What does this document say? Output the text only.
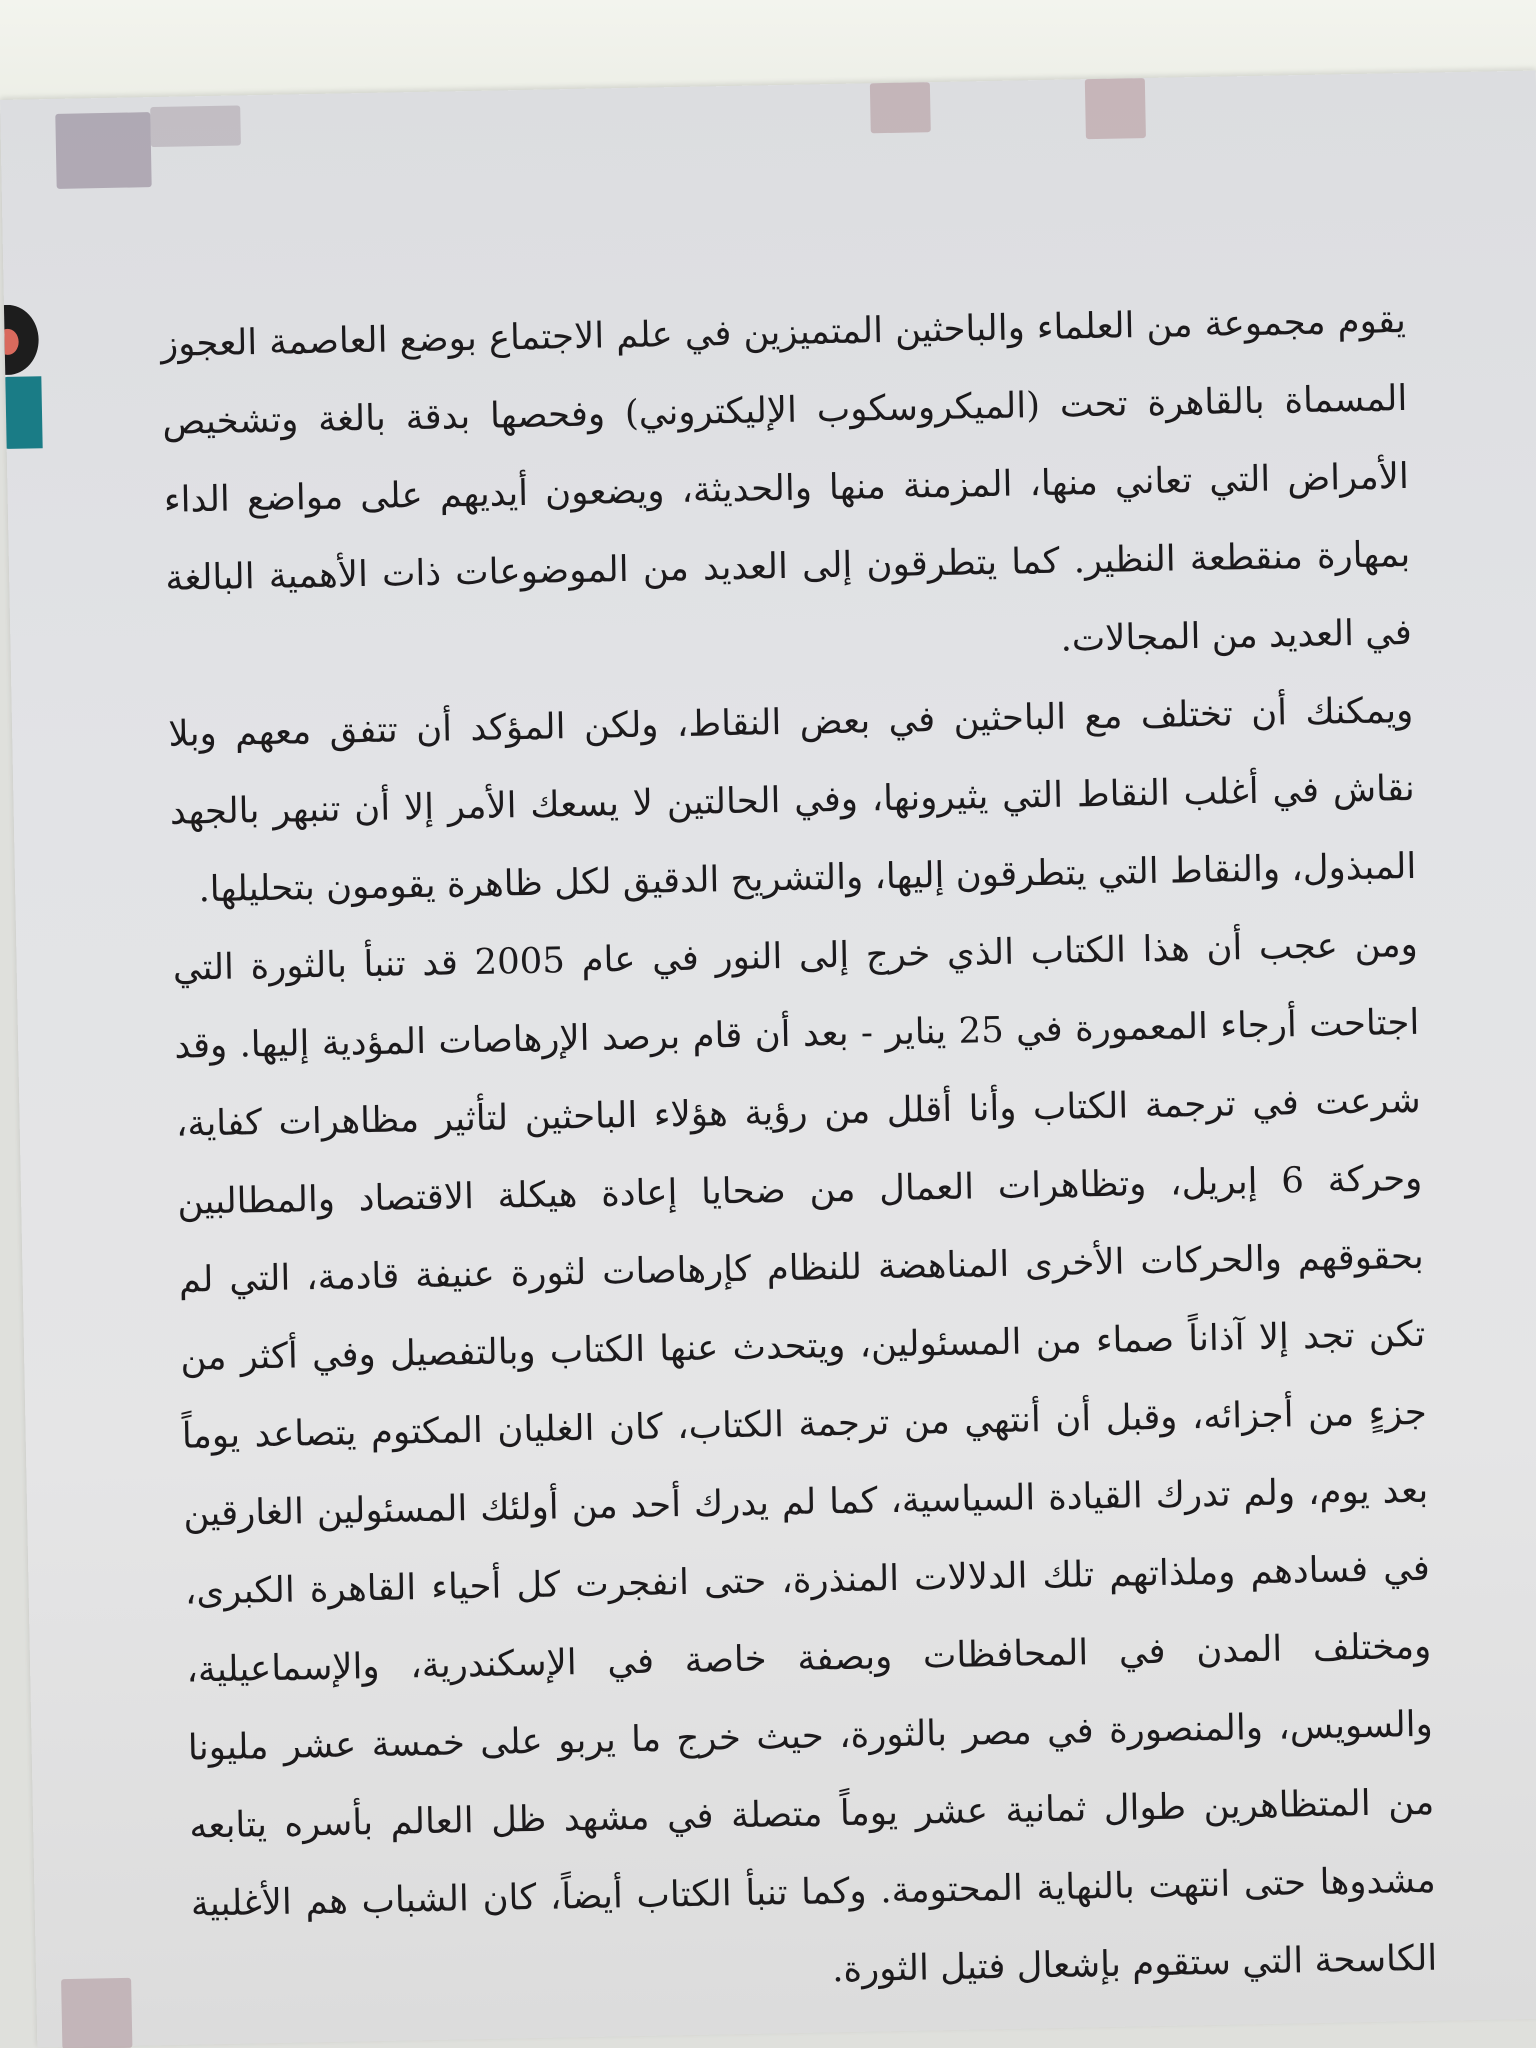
يقوم مجموعة من العلماء والباحثين المتميزين في علم الاجتماع بوضع العاصمة العجوز المسماة بالقاهرة تحت (الميكروسكوب الإليكتروني) وفحصها بدقة بالغة وتشخيص الأمراض التي تعاني منها، المزمنة منها والحديثة، ويضعون أيديهم على مواضع الداء بمهارة منقطعة النظير. كما يتطرقون إلى العديد من الموضوعات ذات الأهمية البالغة في العديد من المجالات.

ويمكنك أن تختلف مع الباحثين في بعض النقاط، ولكن المؤكد أن تتفق معهم وبلا نقاش في أغلب النقاط التي يثيرونها، وفي الحالتين لا يسعك الأمر إلا أن تنبهر بالجهد المبذول، والنقاط التي يتطرقون إليها، والتشريح الدقيق لكل ظاهرة يقومون بتحليلها.

ومن عجب أن هذا الكتاب الذي خرج إلى النور في عام 2005 قد تنبأ بالثورة التي اجتاحت أرجاء المعمورة في 25 يناير - بعد أن قام برصد الإرهاصات المؤدية إليها. وقد شرعت في ترجمة الكتاب وأنا أقلل من رؤية هؤلاء الباحثين لتأثير مظاهرات كفاية، وحركة 6 إبريل، وتظاهرات العمال من ضحايا إعادة هيكلة الاقتصاد والمطالبين بحقوقهم والحركات الأخرى المناهضة للنظام كإرهاصات لثورة عنيفة قادمة، التي لم تكن تجد إلا آذاناً صماء من المسئولين، ويتحدث عنها الكتاب وبالتفصيل وفي أكثر من جزءٍ من أجزائه، وقبل أن أنتهي من ترجمة الكتاب، كان الغليان المكتوم يتصاعد يوماً بعد يوم، ولم تدرك القيادة السياسية، كما لم يدرك أحد من أولئك المسئولين الغارقين في فسادهم وملذاتهم تلك الدلالات المنذرة، حتى انفجرت كل أحياء القاهرة الكبرى، ومختلف المدن في المحافظات وبصفة خاصة في الإسكندرية، والإسماعيلية، والسويس، والمنصورة في مصر بالثورة، حيث خرج ما يربو على خمسة عشر مليونا من المتظاهرين طوال ثمانية عشر يوماً متصلة في مشهد ظل العالم بأسره يتابعه مشدوها حتى انتهت بالنهاية المحتومة. وكما تنبأ الكتاب أيضاً، كان الشباب هم الأغلبية الكاسحة التي ستقوم بإشعال فتيل الثورة.
